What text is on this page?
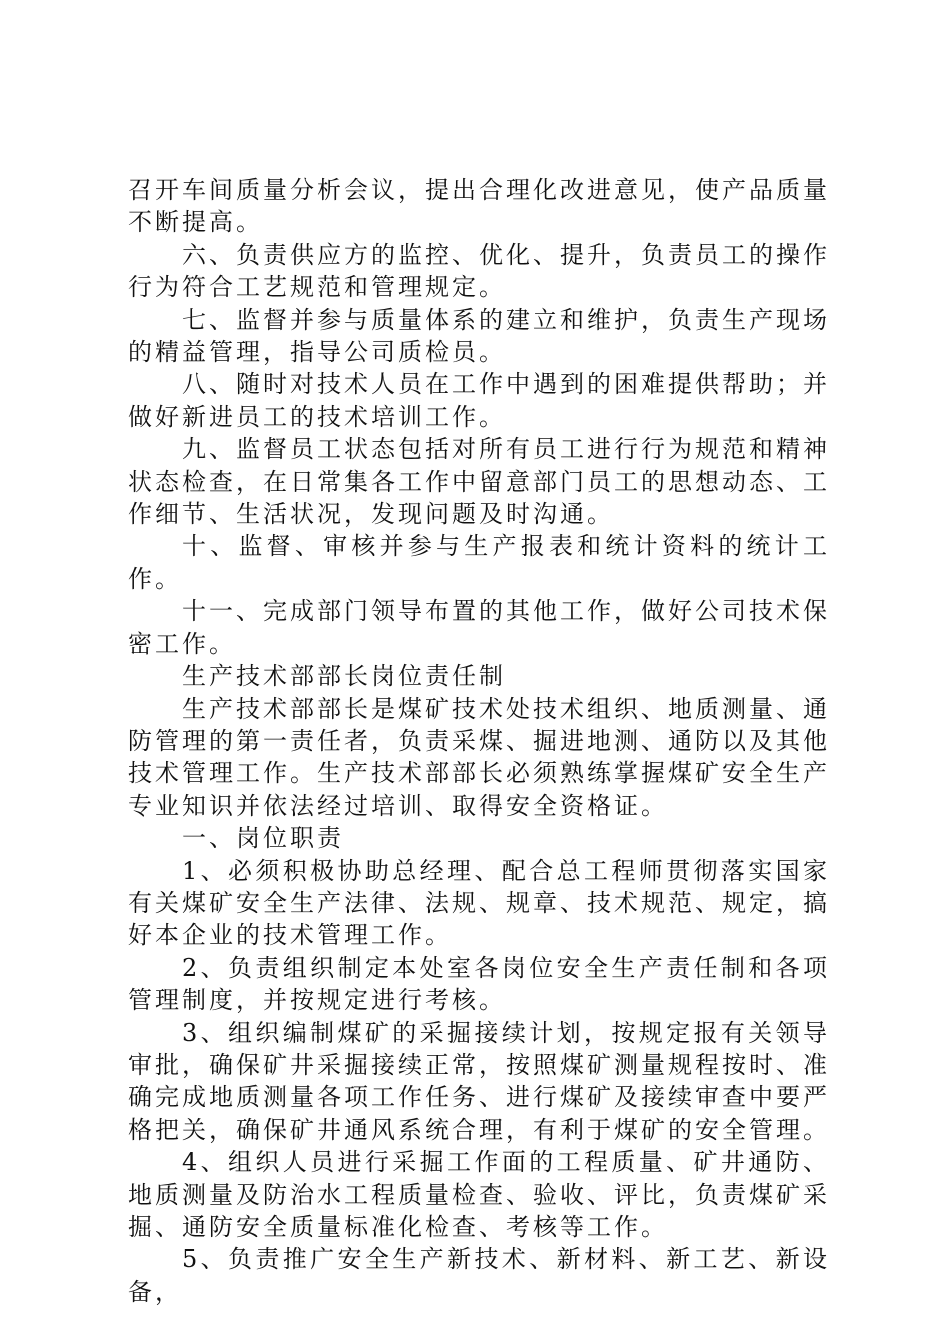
召开车间质量分析会议，提出合理化改进意见，使产品质量不断提高。

六、负责供应方的监控、优化、提升，负责员工的操作行为符合工艺规范和管理规定。

七、监督并参与质量体系的建立和维护，负责生产现场的精益管理，指导公司质检员。

八、随时对技术人员在工作中遇到的困难提供帮助；并做好新进员工的技术培训工作。

九、监督员工状态包括对所有员工进行行为规范和精神状态检查，在日常集各工作中留意部门员工的思想动态、工作细节、生活状况，发现问题及时沟通。

十、监督、审核并参与生产报表和统计资料的统计工作。

十一、完成部门领导布置的其他工作，做好公司技术保密工作。

生产技术部部长岗位责任制

生产技术部部长是煤矿技术处技术组织、地质测量、通防管理的第一责任者，负责采煤、掘进地测、通防以及其他技术管理工作。生产技术部部长必须熟练掌握煤矿安全生产专业知识并依法经过培训、取得安全资格证。

一、岗位职责

1、必须积极协助总经理、配合总工程师贯彻落实国家有关煤矿安全生产法律、法规、规章、技术规范、规定，搞好本企业的技术管理工作。

2、负责组织制定本处室各岗位安全生产责任制和各项管理制度，并按规定进行考核。

3、组织编制煤矿的采掘接续计划，按规定报有关领导审批，确保矿井采掘接续正常，按照煤矿测量规程按时、准确完成地质测量各项工作任务、进行煤矿及接续审查中要严格把关，确保矿井通风系统合理，有利于煤矿的安全管理。

4、组织人员进行采掘工作面的工程质量、矿井通防、地质测量及防治水工程质量检查、验收、评比，负责煤矿采掘、通防安全质量标准化检查、考核等工作。

5、负责推广安全生产新技术、新材料、新工艺、新设备，
